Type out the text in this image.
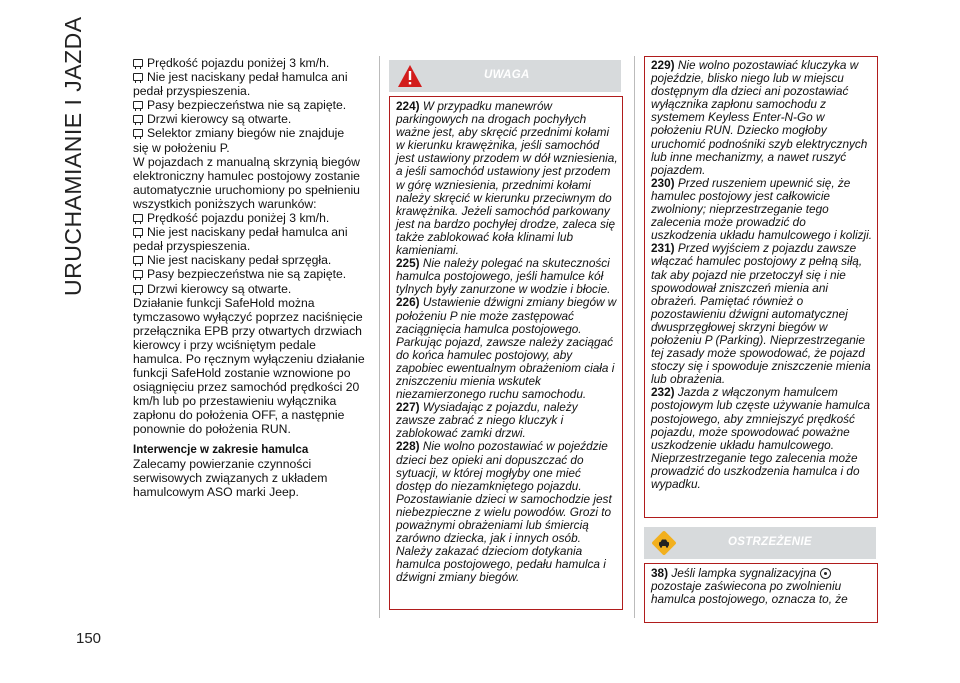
URUCHAMIANIE I JAZDA
150

Prędkość pojazdu poniżej 3 km/h.

Nie jest naciskany pedał hamulca ani

pedał przyspieszenia.

Pasy bezpieczeństwa nie są zapięte.

Drzwi kierowcy są otwarte.

Selektor zmiany biegów nie znajduje

się w położeniu P.

W pojazdach z manualną skrzynią biegów elektroniczny hamulec postojowy zostanie automatycznie uruchomiony po spełnieniu wszystkich poniższych warunków:

Prędkość pojazdu poniżej 3 km/h.

Nie jest naciskany pedał hamulca ani

pedał przyspieszenia.

Nie jest naciskany pedał sprzęgła.

Pasy bezpieczeństwa nie są zapięte.

Drzwi kierowcy są otwarte.

Działanie funkcji SafeHold można tymczasowo wyłączyć poprzez naciśnięcie przełącznika EPB przy otwartych drzwiach kierowcy i przy wciśniętym pedale hamulca. Po ręcznym wyłączeniu działanie funkcji SafeHold zostanie wznowione po osiągnięciu przez samochód prędkości 20 km/h lub po przestawieniu wyłącznika zapłonu do położenia OFF, a następnie ponownie do położenia RUN.

Interwencje w zakresie hamulca

Zalecamy powierzanie czynności serwisowych związanych z układem hamulcowym ASO marki Jeep.

UWAGA

224) W przypadku manewrów parkingowych na drogach pochyłych ważne jest, aby skręcić przednimi kołami w kierunku krawężnika, jeśli samochód jest ustawiony przodem w dół wzniesienia, a jeśli samochód ustawiony jest przodem w górę wzniesienia, przednimi kołami należy skręcić w kierunku przeciwnym do krawężnika. Jeżeli samochód parkowany jest na bardzo pochyłej drodze, zaleca się także zablokować koła klinami lub kamieniami.

225) Nie należy polegać na skuteczności hamulca postojowego, jeśli hamulce kół tylnych były zanurzone w wodzie i błocie.

226) Ustawienie dźwigni zmiany biegów w położeniu P nie może zastępować zaciągnięcia hamulca postojowego. Parkując pojazd, zawsze należy zaciągać do końca hamulec postojowy, aby zapobiec ewentualnym obrażeniom ciała i zniszczeniu mienia wskutek niezamierzonego ruchu samochodu.

227) Wysiadając z pojazdu, należy zawsze zabrać z niego kluczyk i zablokować zamki drzwi.

228) Nie wolno pozostawiać w pojeździe dzieci bez opieki ani dopuszczać do sytuacji, w której mogłyby one mieć dostęp do niezamkniętego pojazdu. Pozostawianie dzieci w samochodzie jest niebezpieczne z wielu powodów. Grozi to poważnymi obrażeniami lub śmiercią zarówno dziecka, jak i innych osób. Należy zakazać dzieciom dotykania hamulca postojowego, pedału hamulca i dźwigni zmiany biegów.

229) Nie wolno pozostawiać kluczyka w pojeździe, blisko niego lub w miejscu dostępnym dla dzieci ani pozostawiać wyłącznika zapłonu samochodu z systemem Keyless Enter-N-Go w położeniu RUN. Dziecko mogłoby uruchomić podnośniki szyb elektrycznych lub inne mechanizmy, a nawet ruszyć pojazdem.

230) Przed ruszeniem upewnić się, że hamulec postojowy jest całkowicie zwolniony; nieprzestrzeganie tego zalecenia może prowadzić do uszkodzenia układu hamulcowego i kolizji.

231) Przed wyjściem z pojazdu zawsze włączać hamulec postojowy z pełną siłą, tak aby pojazd nie przetoczył się i nie spowodował zniszczeń mienia ani obrażeń. Pamiętać również o pozostawieniu dźwigni automatycznej dwusprzęgłowej skrzyni biegów w położeniu P (Parking). Nieprzestrzeganie tej zasady może spowodować, że pojazd stoczy się i spowoduje zniszczenie mienia lub obrażenia.

232) Jazda z włączonym hamulcem postojowym lub częste używanie hamulca postojowego, aby zmniejszyć prędkość pojazdu, może spowodować poważne uszkodzenie układu hamulcowego. Nieprzestrzeganie tego zalecenia może prowadzić do uszkodzenia hamulca i do wypadku.

OSTRZEŻENIE

38) Jeśli lampka sygnalizacyjna  pozostaje zaświecona po zwolnieniu hamulca postojowego, oznacza to, że
